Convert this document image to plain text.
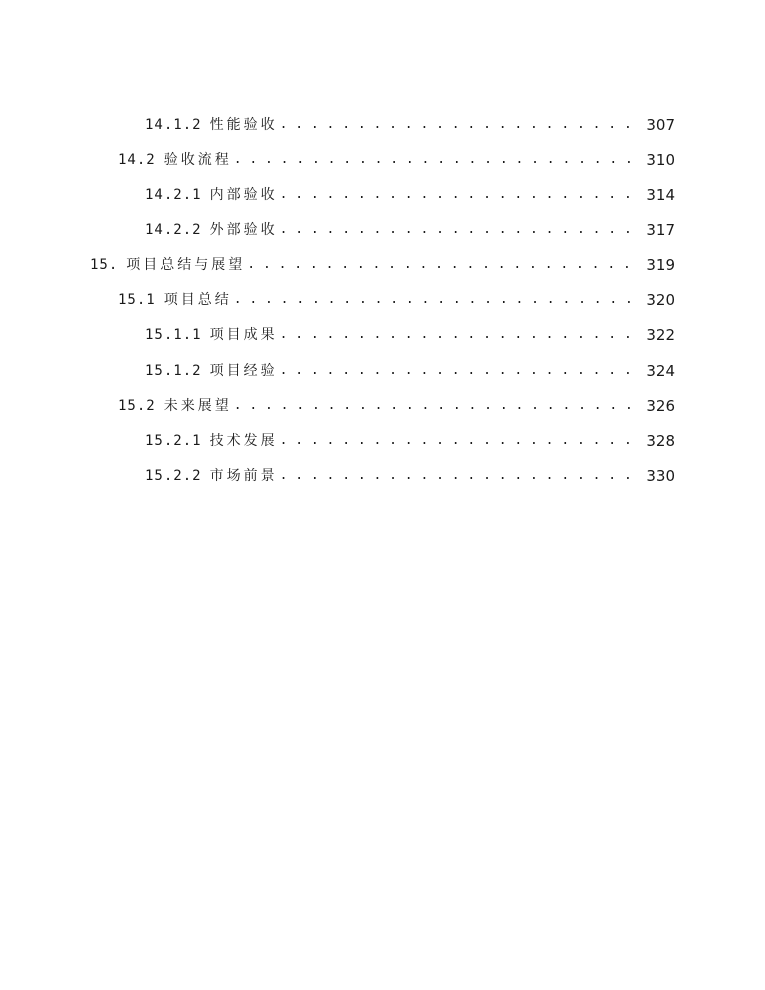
14.1.2 性能验收 . . .	307
14.2 验收流程 . . .	310
14.2.1 内部验收 . . .	314
14.2.2 外部验收 . . .	317
15. 项目总结与展望 . . .	319
15.1 项目总结 . . .	320
15.1.1 项目成果 . . .	322
15.1.2 项目经验 . . .	324
15.2 未来展望 . . .	326
15.2.1 技术发展 . . .	328
15.2.2 市场前景 . . .	330
